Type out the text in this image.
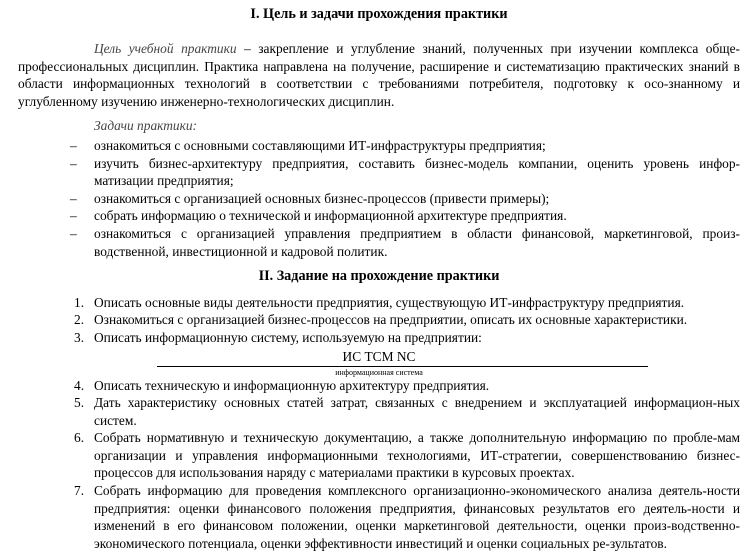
I. Цель и задачи прохождения практики

Цель учебной практики – закрепление и углубление знаний, полученных при изучении комплекса обще-профессиональных дисциплин. Практика направлена на получение, расширение и систематизацию практических знаний в области информационных технологий в соответствии с требованиями потребителя, подготовку к осо-знанному и углубленному изучению инженерно-технологических дисциплин.

Задачи практики:

– ознакомиться с основными составляющими ИТ-инфраструктуры предприятия;
– изучить бизнес-архитектуру предприятия, составить бизнес-модель компании, оценить уровень инфор-матизации предприятия;
– ознакомиться с организацией основных бизнес-процессов (привести примеры);
– собрать информацию о технической и информационной архитектуре предприятия.
– ознакомиться с организацией управления предприятием в области финансовой, маркетинговой, произ-водственной, инвестиционной и кадровой политик.

II. Задание на прохождение практики

1. Описать основные виды деятельности предприятия, существующую ИТ-инфраструктуру предприятия.
2. Ознакомиться с организацией бизнес-процессов на предприятии, описать их основные характеристики.
3. Описать информационную систему, используемую на предприятии:
ИС ТСМ NC
информационная система
4. Описать техническую и информационную архитектуру предприятия.
5. Дать характеристику основных статей затрат, связанных с внедрением и эксплуатацией информацион-ных систем.
6. Собрать нормативную и техническую документацию, а также дополнительную информацию по пробле-мам организации и управления информационными технологиями, ИТ-стратегии, совершенствованию бизнес-процессов для использования наряду с материалами практики в курсовых проектах.
7. Собрать информацию для проведения комплексного организационно-экономического анализа деятель-ности предприятия: оценки финансового положения предприятия, финансовых результатов его деятель-ности и изменений в его финансовом положении, оценки маркетинговой деятельности, оценки произ-водственно-экономического потенциала, оценки эффективности инвестиций и оценки социальных ре-зультатов.
